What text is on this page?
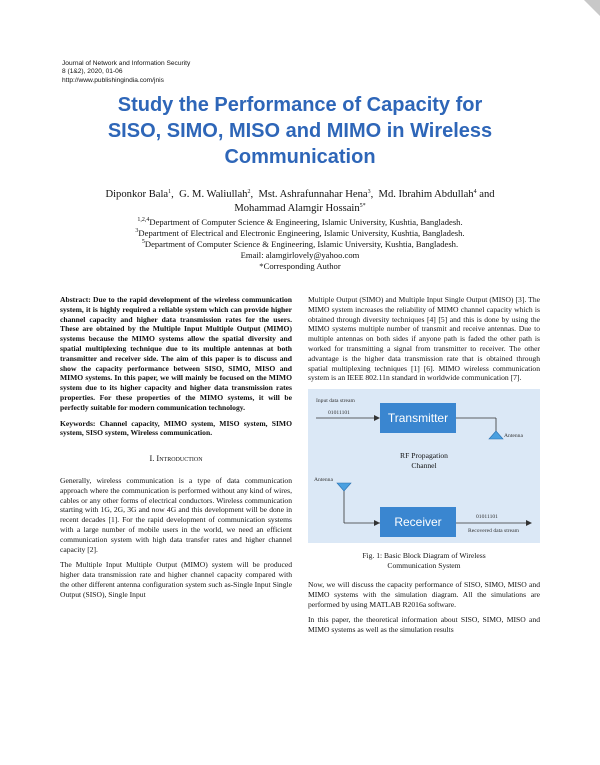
Journal of Network and Information Security
8 (1&2), 2020, 01-06
http://www.publishingindia.com/jnis
Study the Performance of Capacity for
SISO, SIMO, MISO and MIMO in Wireless
Communication
Diponkor Bala$^1$,  G. M. Waliullah$^2$,  Mst. Ashrafunnahar Hena$^3$,  Md. Ibrahim Abdullah$^4$ and
Mohammad Alamgir Hossain$^{5*}$
$^{1,2,4}$Department of Computer Science & Engineering, Islamic University, Kushtia, Bangladesh.
$^3$Department of Electrical and Electronic Engineering, Islamic University, Kushtia, Bangladesh.
$^5$Department of Computer Science & Engineering, Islamic University, Kushtia, Bangladesh.
Email: alamgirlovely@yahoo.com
*Corresponding Author

Abstract: Due to the rapid development of the wireless communication system, it is highly required a reliable system which can provide higher channel capacity and higher data transmission rates for the users. These are obtained by the Multiple Input Multiple Output (MIMO) systems because the MIMO systems allow the spatial diversity and spatial multiplexing technique due to its multiple antennas at both transmitter and receiver side. The aim of this paper is to discuss and show the capacity performance between SISO, SIMO, MISO and MIMO systems. In this paper, we will mainly be focused on the MIMO system due to its higher capacity and higher data transmission rates properties. For these properties of the MIMO systems, it will be perfectly suitable for modern communication technology.

Keywords: Channel capacity, MIMO system, MISO system, SIMO system, SISO system, Wireless communication.

I. Introduction

Generally, wireless communication is a type of data communication approach where the communication is performed without any kind of wires, cables or any other forms of electrical conductors. Wireless communication starting with 1G, 2G, 3G and now 4G and this development will be done in recent decades [1]. For the rapid development of communication systems with a large number of mobile users in the world, we need an efficient communication system with high data transfer rates and higher channel capacity [2].

The Multiple Input Multiple Output (MIMO) system will be produced higher data transmission rate and higher channel capacity compared with the other different antenna configuration system such as-Single Input Single Output (SISO), Single Input

Multiple Output (SIMO) and Multiple Input Single Output (MISO) [3]. The MIMO system increases the reliability of MIMO channel capacity which is obtained through diversity techniques [4] [5] and this is done by using the MIMO systems multiple number of transmit and receive antennas. Due to multiple antennas on both sides if anyone path is faded the other path is worked for transmitting a signal from transmitter to receiver. The other advantage is the higher data transmission rate that is obtained through spatial multiplexing techniques [1] [6]. MIMO wireless communication system is an IEEE 802.11n standard in worldwide communication [7].

Input data stream
01011101	Transmitter
Antenna
RF Propagation
Channel
Antenna
Receiver	01011101
Recovered data stream
Fig. 1: Basic Block Diagram of Wireless
Communication System

Now, we will discuss the capacity performance of SISO, SIMO, MISO and MIMO systems with the simulation diagram. All the simulations are performed by using MATLAB R2016a software.

In this paper, the theoretical information about SISO, SIMO, MISO and MIMO systems as well as the simulation results
